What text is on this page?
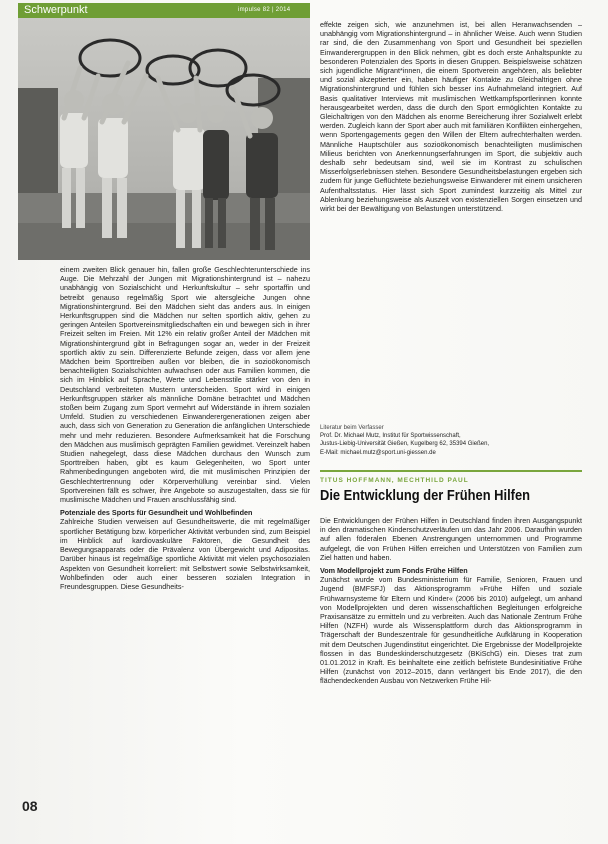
Schwerpunkt	impulse 82 | 2014

einem zweiten Blick genauer hin, fallen große Geschlechterunterschiede ins Auge. Die Mehrzahl der Jungen mit Migrationshintergrund ist – nahezu unabhängig von Sozialschicht und Herkunftskultur – sehr sportaffin und betreibt genauso regelmäßig Sport wie altersgleiche Jungen ohne Migrationshintergrund. Bei den Mädchen sieht das anders aus. In einigen Herkunftsgruppen sind die Mädchen nur selten sportlich aktiv, gehen zu geringen Anteilen Sportvereinsmitgliedschaften ein und bewegen sich in ihrer Freizeit selten im Freien. Mit 12% ein relativ großer Anteil der Mädchen mit Migrationshintergrund gibt in Befragungen sogar an, weder in der Freizeit sportlich aktiv zu sein. Differenzierte Befunde zeigen, dass vor allem jene Mädchen beim Sporttreiben außen vor bleiben, die in sozioökonomisch benachteiligten Sozialschichten aufwachsen oder aus Familien kommen, die sich im Hinblick auf Sprache, Werte und Lebensstile stärker von den in Deutschland verbreiteten Mustern unterscheiden. Sport wird in einigen Herkunftsgruppen stärker als männliche Domäne betrachtet und Mädchen stoßen beim Zugang zum Sport vermehrt auf Widerstände in ihrem sozialen Umfeld. Studien zu verschiedenen Einwanderergenerationen zeigen aber auch, dass sich von Generation zu Generation die anfänglichen Unterschiede mehr und mehr reduzieren. Besondere Aufmerksamkeit hat die Forschung den Mädchen aus muslimisch geprägten Familien gewidmet. Vereinzelt haben Studien nahegelegt, dass diese Mädchen durchaus den Wunsch zum Sporttreiben haben, gibt es kaum Gelegenheiten, wo Sport unter Rahmenbedingungen angeboten wird, die mit muslimischen Prinzipien der Geschlechtertrennung oder Körperverhüllung vereinbar sind. Vielen Sportvereinen fällt es schwer, ihre Angebote so auszugestalten, dass sie für muslimische Mädchen und Frauen anschlussfähig sind.

Potenziale des Sports für Gesundheit und Wohlbefinden

Zahlreiche Studien verweisen auf Gesundheitswerte, die mit regelmäßiger sportlicher Betätigung bzw. körperlicher Aktivität verbunden sind, zum Beispiel im Hinblick auf kardiovaskuläre Faktoren, die Gesundheit des Bewegungsapparats oder die Prävalenz von Übergewicht und Adipositas. Darüber hinaus ist regelmäßige sportliche Aktivität mit vielen psychosozialen Aspekten von Gesundheit korreliert: mit Selbstwert sowie Selbstwirksamkeit, Wohlbefinden oder auch einer besseren sozialen Integration in Freundesgruppen. Diese Gesundheits-

effekte zeigen sich, wie anzunehmen ist, bei allen Heranwachsenden – unabhängig vom Migrationshintergrund – in ähnlicher Weise. Auch wenn Studien rar sind, die den Zusammenhang von Sport und Gesundheit bei speziellen Einwanderergruppen in den Blick nehmen, gibt es doch erste Anhaltspunkte zu besonderen Potenzialen des Sports in diesen Gruppen. Beispielsweise schätzen sich jugendliche Migrant*innen, die einem Sportverein angehören, als beliebter und sozial akzeptierter ein, haben häufiger Kontakte zu Gleichaltrigen ohne Migrationshintergrund und fühlen sich besser ins Aufnahmeland integriert. Auf Basis qualitativer Interviews mit muslimischen Wettkampfsportlerinnen konnte herausgearbeitet werden, dass die durch den Sport ermöglichten Kontakte zu Gleichaltrigen von den Mädchen als enorme Bereicherung ihrer Sozialwelt erlebt werden. Zugleich kann der Sport aber auch mit familiären Konflikten einhergehen, wenn Sportengagements gegen den Willen der Eltern aufrechterhalten werden. Männliche Hauptschüler aus sozioökonomisch benachteiligten muslimischen Milieus berichten von Anerkennungserfahrungen im Sport, die subjektiv auch deshalb sehr bedeutsam sind, weil sie im Kontrast zu schulischen Misserfolgserlebnissen stehen. Besondere Gesundheitsbelastungen ergeben sich zudem für junge Geflüchtete beziehungsweise Einwanderer mit einem unsicheren Aufenthaltsstatus. Hier lässt sich Sport zumindest kurzzeitig als Mittel zur Ablenkung beziehungsweise als Auszeit von existenziellen Sorgen einsetzen und wirkt bei der Bewältigung von Belastungen unterstützend.

Literatur beim Verfasser
Prof. Dr. Michael Mutz, Institut für Sportwissenschaft,
Justus-Liebig-Universität Gießen, Kugelberg 62, 35394 Gießen,
E-Mail: michael.mutz@sport.uni-giessen.de
TITUS HOFFMANN, MECHTHILD PAUL
Die Entwicklung der Frühen Hilfen

Die Entwicklungen der Frühen Hilfen in Deutschland finden ihren Ausgangspunkt in den dramatischen Kinderschutzverläufen um das Jahr 2006. Daraufhin wurden auf allen föderalen Ebenen Anstrengungen unternommen und Programme aufgelegt, die von Frühen Hilfen erreichen und Unterstützen von Familien zum Ziel hatten und haben.

Vom Modellprojekt zum Fonds Frühe Hilfen

Zunächst wurde vom Bundesministerium für Familie, Senioren, Frauen und Jugend (BMFSFJ) das Aktionsprogramm »Frühe Hilfen und soziale Frühwarnsysteme für Eltern und Kinder« (2006 bis 2010) aufgelegt, um anhand von Modellprojekten und deren wissenschaftlichen Begleitungen erfolgreiche Praxisansätze zu ermitteln und zu verbreiten. Auch das Nationale Zentrum Frühe Hilfen (NZFH) wurde als Wissensplattform durch das Aktionsprogramm in Trägerschaft der Bundeszentrale für gesundheitliche Aufklärung in Kooperation mit dem Deutschen Jugendinstitut eingerichtet. Die Ergebnisse der Modellprojekte flossen in das Bundeskinderschutzgesetz (BKiSchG) ein. Dieses trat zum 01.01.2012 in Kraft. Es beinhaltete eine zeitlich befristete Bundesinitiative Frühe Hilfen (zunächst von 2012–2015, dann verlängert bis Ende 2017), die den flächendeckenden Ausbau von Netzwerken Frühe Hil-

08
